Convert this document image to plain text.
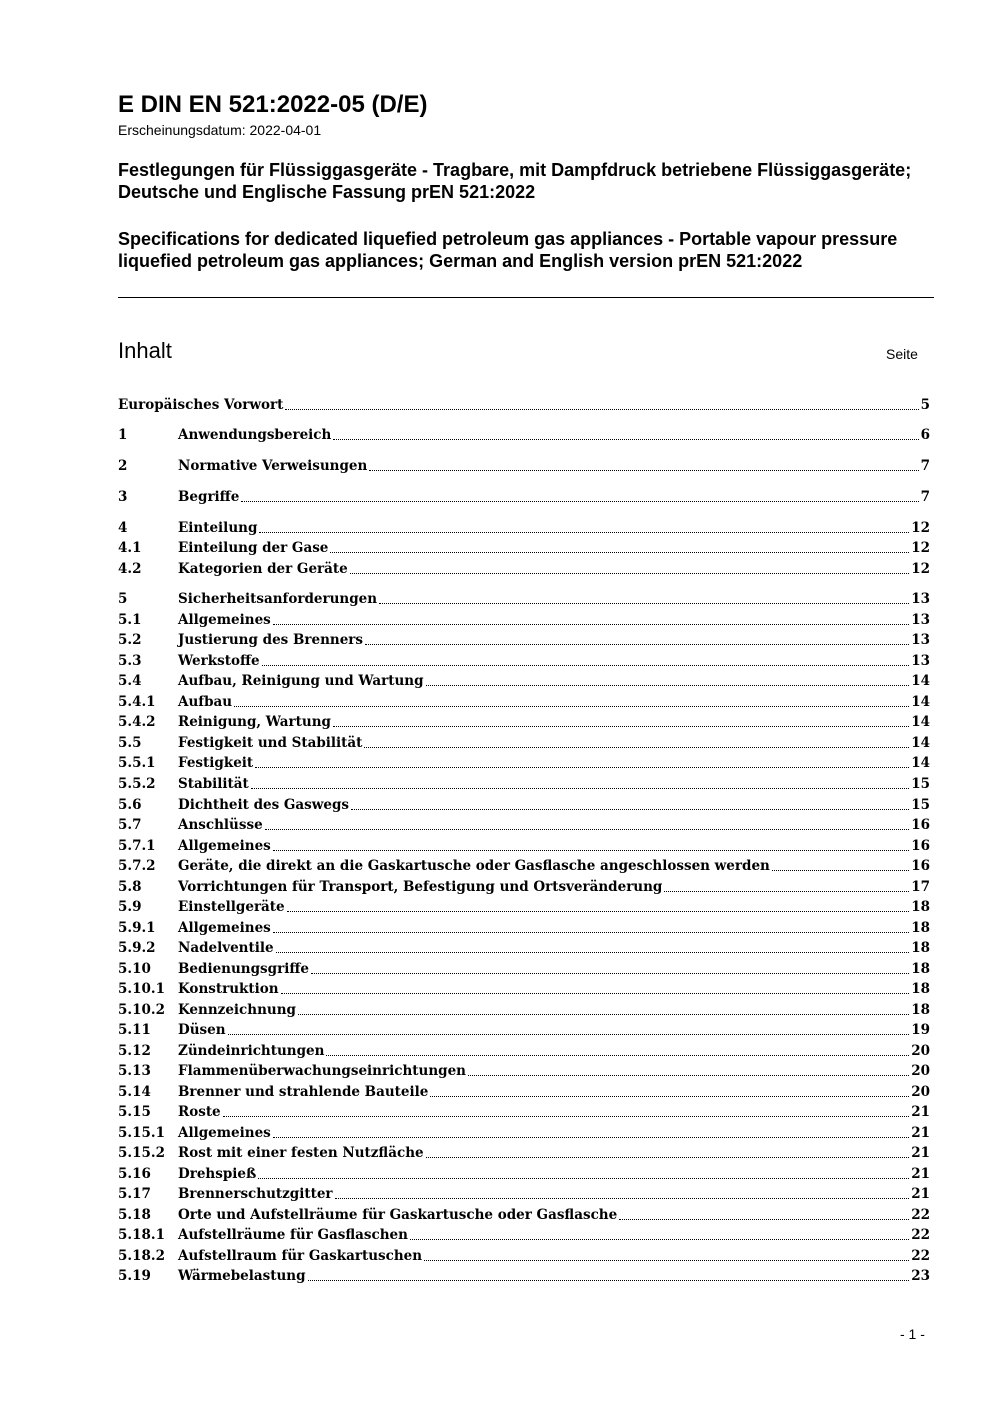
E DIN EN 521:2022-05 (D/E)
Erscheinungsdatum: 2022-04-01
Festlegungen für Flüssiggasgeräte - Tragbare, mit Dampfdruck betriebene Flüssiggasgeräte; Deutsche und Englische Fassung prEN 521:2022
Specifications for dedicated liquefied petroleum gas appliances - Portable vapour pressure liquefied petroleum gas appliances; German and English version prEN 521:2022
Inhalt	Seite
Europäisches Vorwort	5
1	Anwendungsbereich	6
2	Normative Verweisungen	7
3	Begriffe	7
4	Einteilung	12
4.1	Einteilung der Gase	12
4.2	Kategorien der Geräte	12
5	Sicherheitsanforderungen	13
5.1	Allgemeines	13
5.2	Justierung des Brenners	13
5.3	Werkstoffe	13
5.4	Aufbau, Reinigung und Wartung	14
5.4.1	Aufbau	14
5.4.2	Reinigung, Wartung	14
5.5	Festigkeit und Stabilität	14
5.5.1	Festigkeit	14
5.5.2	Stabilität	15
5.6	Dichtheit des Gaswegs	15
5.7	Anschlüsse	16
5.7.1	Allgemeines	16
5.7.2	Geräte, die direkt an die Gaskartusche oder Gasflasche angeschlossen werden	16
5.8	Vorrichtungen für Transport, Befestigung und Ortsveränderung	17
5.9	Einstellgeräte	18
5.9.1	Allgemeines	18
5.9.2	Nadelventile	18
5.10	Bedienungsgriffe	18
5.10.1 Konstruktion	18
5.10.2 Kennzeichnung	18
5.11	Düsen	19
5.12	Zündeinrichtungen	20
5.13	Flammenüberwachungseinrichtungen	20
5.14	Brenner und strahlende Bauteile	20
5.15	Roste	21
5.15.1 Allgemeines	21
5.15.2 Rost mit einer festen Nutzfläche	21
5.16	Drehspieß	21
5.17	Brennerschutzgitter	21
5.18	Orte und Aufstellräume für Gaskartusche oder Gasflasche	22
5.18.1 Aufstellräume für Gasflaschen	22
5.18.2 Aufstellraum für Gaskartuschen	22
5.19	Wärmebelastung	23
- 1 -
